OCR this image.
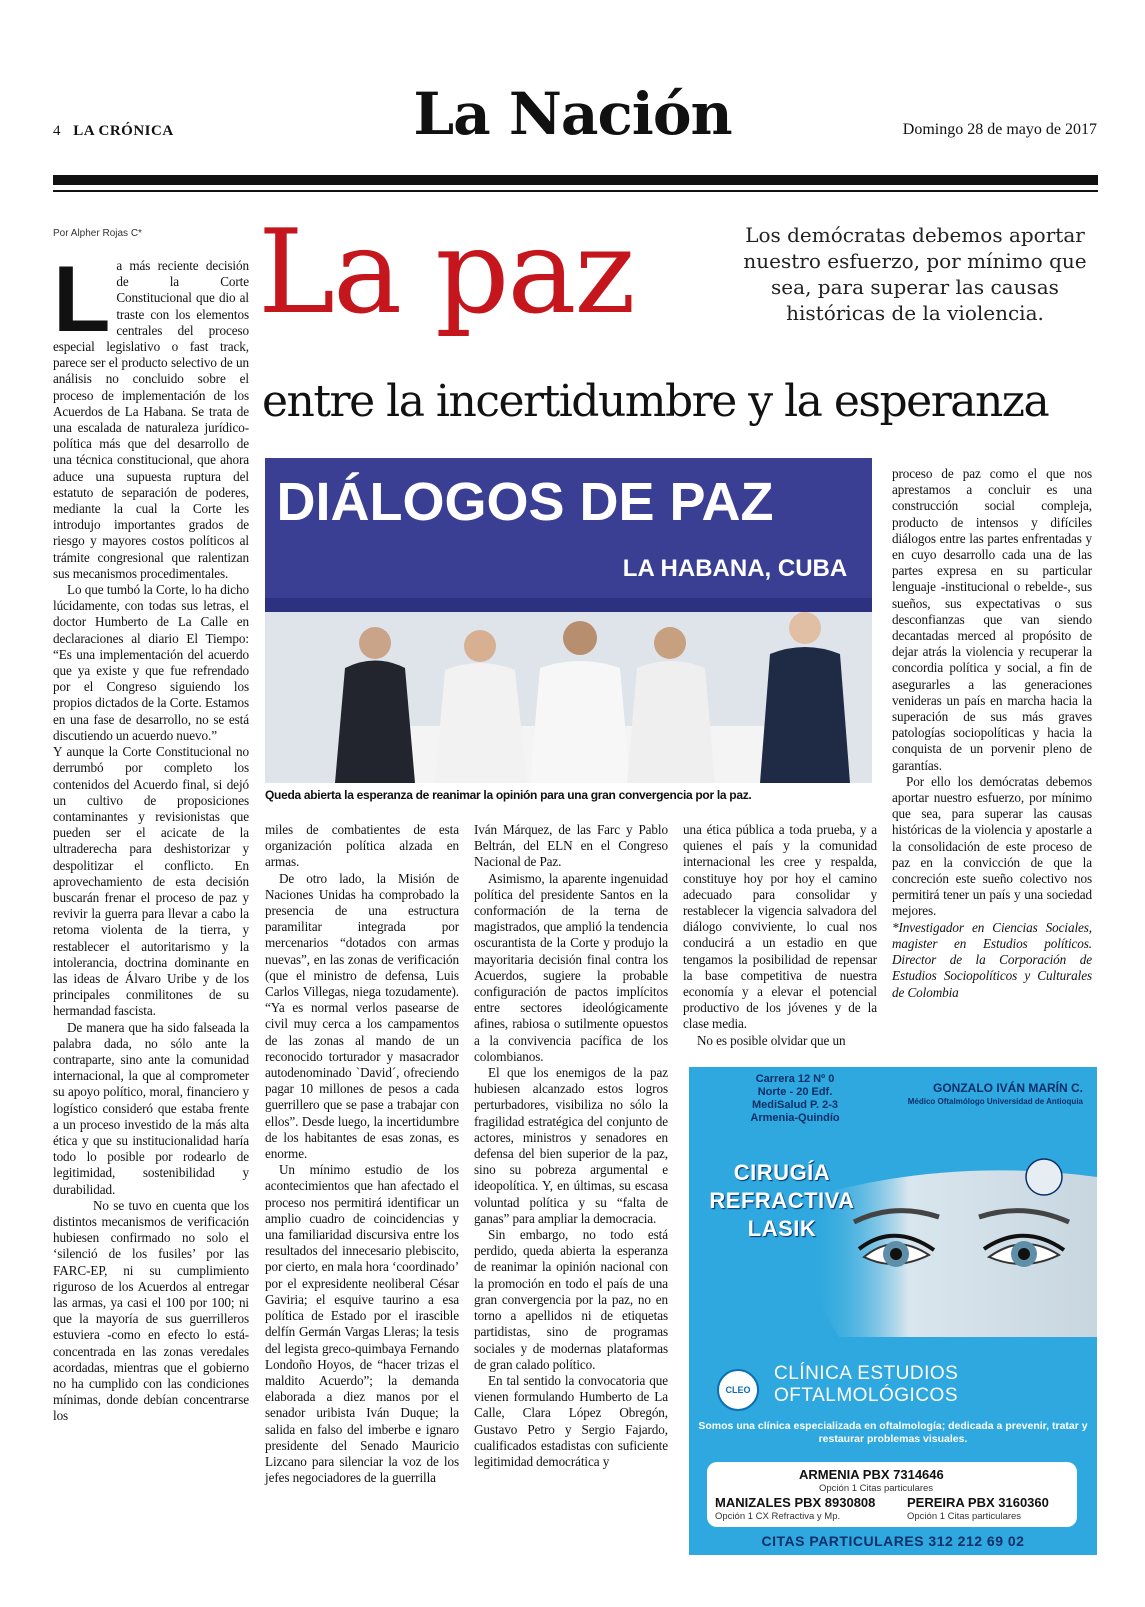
4 LA CRÓNICA	La Nación	Domingo 28 de mayo de 2017
Por Alpher Rojas C* La paz
entre la incertidumbre y la esperanza
Los demócratas debemos aportar nuestro esfuerzo, por mínimo que sea, para superar las causas históricas de la violencia.
DIÁLOGOS DE PAZ
LA HABANA, CUBA
Queda abierta la esperanza de reanimar la opinión para una gran convergencia por la paz.

La más reciente decisión de la Corte Constitucional que dio al traste con los elementos centrales del proceso especial legislativo o fast track, parece ser el producto selectivo de un análisis no concluido sobre el proceso de implementación de los Acuerdos de La Habana. Se trata de una escalada de naturaleza jurídico-política más que del desarrollo de una técnica constitucional, que ahora aduce una supuesta ruptura del estatuto de separación de poderes, mediante la cual la Corte les introdujo importantes grados de riesgo y mayores costos políticos al trámite congresional que ralentizan sus mecanismos procedimentales.

Lo que tumbó la Corte, lo ha dicho lúcidamente, con todas sus letras, el doctor Humberto de La Calle en declaraciones al diario El Tiempo: “Es una implementación del acuerdo que ya existe y que fue refrendado por el Congreso siguiendo los propios dictados de la Corte. Estamos en una fase de desarrollo, no se está discutiendo un acuerdo nuevo.”

Y aunque la Corte Constitucional no derrumbó por completo los contenidos del Acuerdo final, si dejó un cultivo de proposiciones contaminantes y revisionistas que pueden ser el acicate de la ultraderecha para deshistorizar y despolitizar el conflicto. En aprovechamiento de esta decisión buscarán frenar el proceso de paz y revivir la guerra para llevar a cabo la retoma violenta de la tierra, y restablecer el autoritarismo y la intolerancia, doctrina dominante en las ideas de Álvaro Uribe y de los principales conmilitones de su hermandad fascista.

De manera que ha sido falseada la palabra dada, no sólo ante la contraparte, sino ante la comunidad internacional, la que al comprometer su apoyo político, moral, financiero y logístico consideró que estaba frente a un proceso investido de la más alta ética y que su institucionalidad haría todo lo posible por rodearlo de legitimidad, sostenibilidad y durabilidad.

No se tuvo en cuenta que los distintos mecanismos de verificación hubiesen confirmado no solo el ‘silenció de los fusiles’ por las FARC-EP, ni su cumplimiento riguroso de los Acuerdos al entregar las armas, ya casi el 100 por 100; ni que la mayoría de sus guerrilleros estuviera -como en efecto lo está- concentrada en las zonas veredales acordadas, mientras que el gobierno no ha cumplido con las condiciones mínimas, donde debían concentrarse los

miles de combatientes de esta organización política alzada en armas.

De otro lado, la Misión de Naciones Unidas ha comprobado la presencia de una estructura paramilitar integrada por mercenarios “dotados con armas nuevas”, en las zonas de verificación (que el ministro de defensa, Luis Carlos Villegas, niega tozudamente). “Ya es normal verlos pasearse de civil muy cerca a los campamentos de las zonas al mando de un reconocido torturador y masacrador autodenominado `David´, ofreciendo pagar 10 millones de pesos a cada guerrillero que se pase a trabajar con ellos”. Desde luego, la incertidumbre de los habitantes de esas zonas, es enorme.

Un mínimo estudio de los acontecimientos que han afectado el proceso nos permitirá identificar un amplio cuadro de coincidencias y una familiaridad discursiva entre los resultados del innecesario plebiscito, por cierto, en mala hora ‘coordinado’ por el expresidente neoliberal César Gaviria; el esquive taurino a esa política de Estado por el irascible delfín Germán Vargas Lleras; la tesis del legista greco-quimbaya Fernando Londoño Hoyos, de “hacer trizas el maldito Acuerdo”; la demanda elaborada a diez manos por el senador uribista Iván Duque; la salida en falso del imberbe e ignaro presidente del Senado Mauricio Lizcano para silenciar la voz de los jefes negociadores de la guerrilla

Iván Márquez, de las Farc y Pablo Beltrán, del ELN en el Congreso Nacional de Paz.

Asimismo, la aparente ingenuidad política del presidente Santos en la conformación de la terna de magistrados, que amplió la tendencia oscurantista de la Corte y produjo la mayoritaria decisión final contra los Acuerdos, sugiere la probable configuración de pactos implícitos entre sectores ideológicamente afines, rabiosa o sutilmente opuestos a la convivencia pacífica de los colombianos.

El que los enemigos de la paz hubiesen alcanzado estos logros perturbadores, visibiliza no sólo la fragilidad estratégica del conjunto de actores, ministros y senadores en defensa del bien superior de la paz, sino su pobreza argumental e ideopolítica. Y, en últimas, su escasa voluntad política y su “falta de ganas” para ampliar la democracia.

Sin embargo, no todo está perdido, queda abierta la esperanza de reanimar la opinión nacional con la promoción en todo el país de una gran convergencia por la paz, no en torno a apellidos ni de etiquetas partidistas, sino de programas sociales y de modernas plataformas de gran calado político.

En tal sentido la convocatoria que vienen formulando Humberto de La Calle, Clara López Obregón, Gustavo Petro y Sergio Fajardo, cualificados estadistas con suficiente legitimidad democrática y

una ética pública a toda prueba, y a quienes el país y la comunidad internacional les cree y respalda, constituye hoy por hoy el camino adecuado para consolidar y restablecer la vigencia salvadora del diálogo conviviente, lo cual nos conducirá a un estadio en que tengamos la posibilidad de repensar la base competitiva de nuestra economía y a elevar el potencial productivo de los jóvenes y de la clase media.

No es posible olvidar que un

proceso de paz como el que nos aprestamos a concluir es una construcción social compleja, producto de intensos y difíciles diálogos entre las partes enfrentadas y en cuyo desarrollo cada una de las partes expresa en su particular lenguaje -institucional o rebelde-, sus sueños, sus expectativas o sus desconfianzas que van siendo decantadas merced al propósito de dejar atrás la violencia y recuperar la concordia política y social, a fin de asegurarles a las generaciones venideras un país en marcha hacia la superación de sus más graves patologías sociopolíticas y hacia la conquista de un porvenir pleno de garantías.

Por ello los demócratas debemos aportar nuestro esfuerzo, por mínimo que sea, para superar las causas históricas de la violencia y apostarle a la consolidación de este proceso de paz en la convicción de que la concreción este sueño colectivo nos permitirá tener un país y una sociedad mejores.

*Investigador en Ciencias Sociales, magister en Estudios políticos. Director de la Corporación de Estudios Sociopolíticos y Culturales de Colombia

Carrera 12 Nº 0 Norte - 20 Edf. MediSalud P. 2-3 Armenia-Quindío
GONZALO IVÁN MARÍN C.
Médico Oftalmólogo Universidad de Antioquia
CIRUGÍA REFRACTIVA LASIK
CLEO
CLÍNICA ESTUDIOS OFTALMOLÓGICOS
Somos una clínica especializada en oftalmología; dedicada a prevenir, tratar y restaurar problemas visuales.
ARMENIA PBX 7314646
Opción 1 Citas particulares
MANIZALES PBX 8930808
Opción 1 CX Refractiva y Mp.
PEREIRA PBX 3160360
Opción 1 Citas particulares
CITAS PARTICULARES 312 212 69 02
